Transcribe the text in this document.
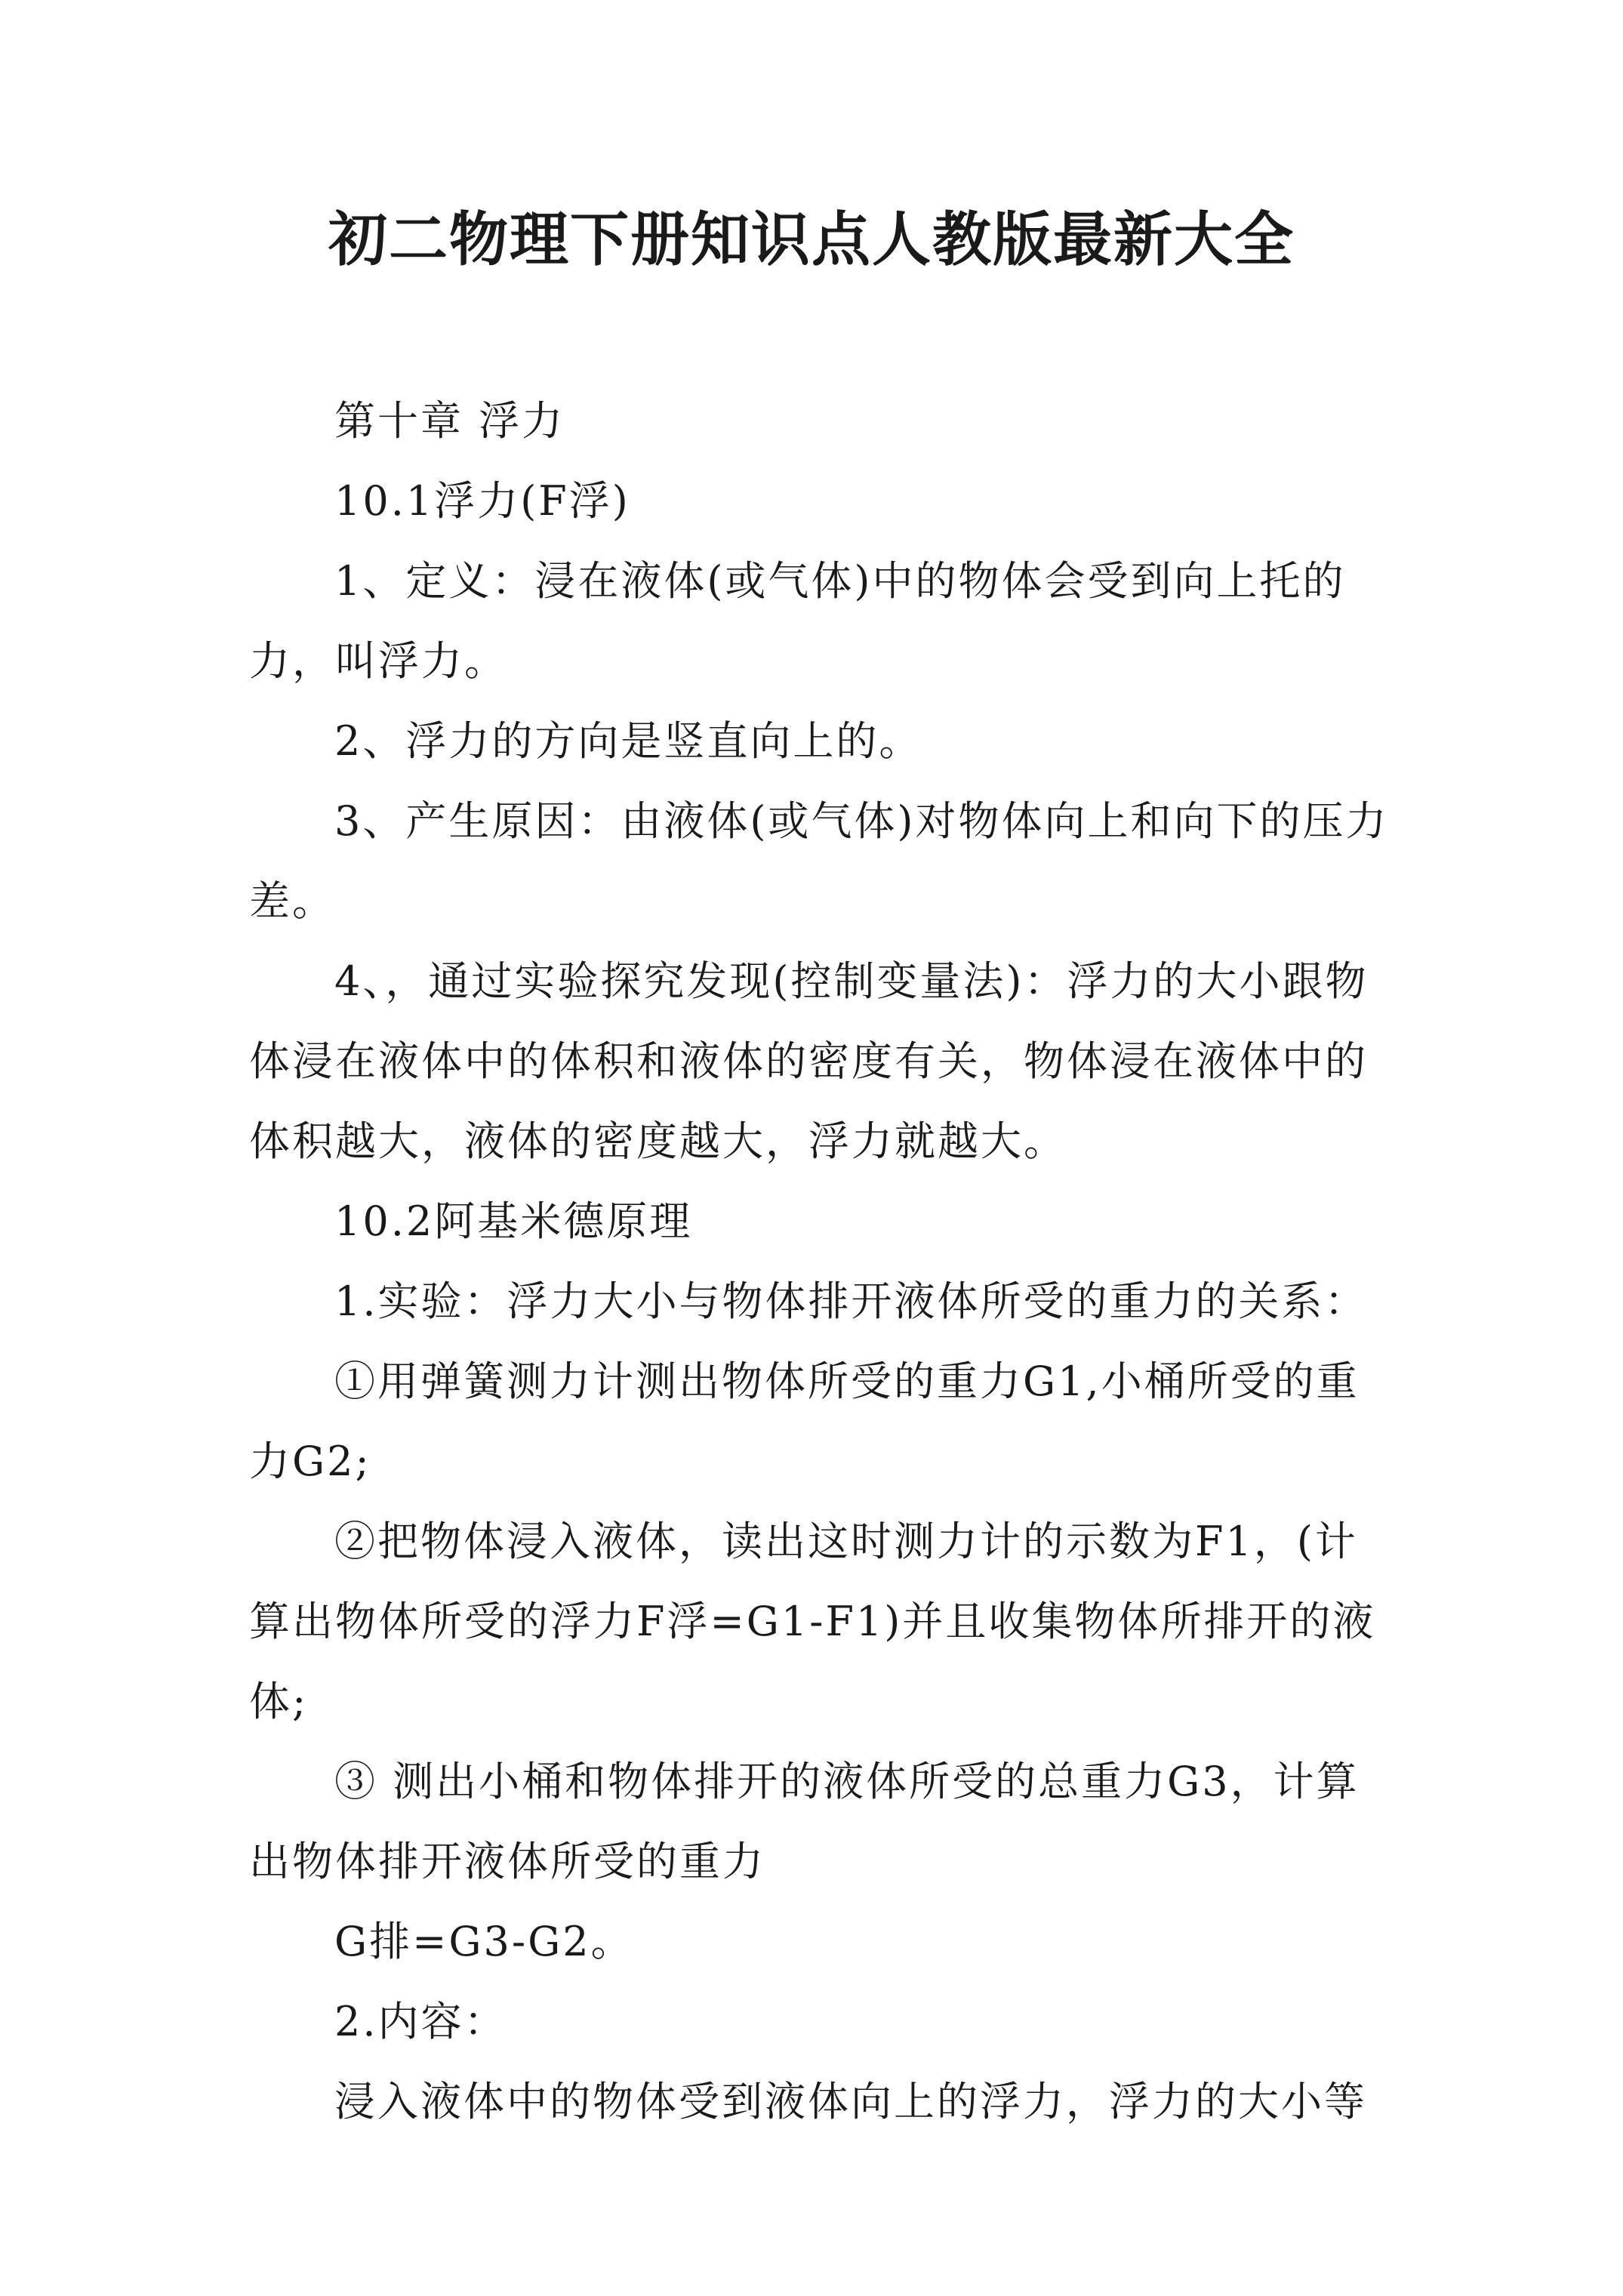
初二物理下册知识点人教版最新大全

第十章 浮力

10.1浮力(F浮)

1、定义：浸在液体(或气体)中的物体会受到向上托的力，叫浮力。

2、浮力的方向是竖直向上的。

3、产生原因：由液体(或气体)对物体向上和向下的压力差。

4、，通过实验探究发现(控制变量法)：浮力的大小跟物体浸在液体中的体积和液体的密度有关，物体浸在液体中的体积越大，液体的密度越大，浮力就越大。

10.2阿基米德原理

1.实验：浮力大小与物体排开液体所受的重力的关系：

①用弹簧测力计测出物体所受的重力G1,小桶所受的重力G2;

②把物体浸入液体，读出这时测力计的示数为F1，(计算出物体所受的浮力F浮=G1-F1)并且收集物体所排开的液体;

③ 测出小桶和物体排开的液体所受的总重力G3，计算出物体排开液体所受的重力

G排=G3-G2。

2.内容：

浸入液体中的物体受到液体向上的浮力，浮力的大小等
